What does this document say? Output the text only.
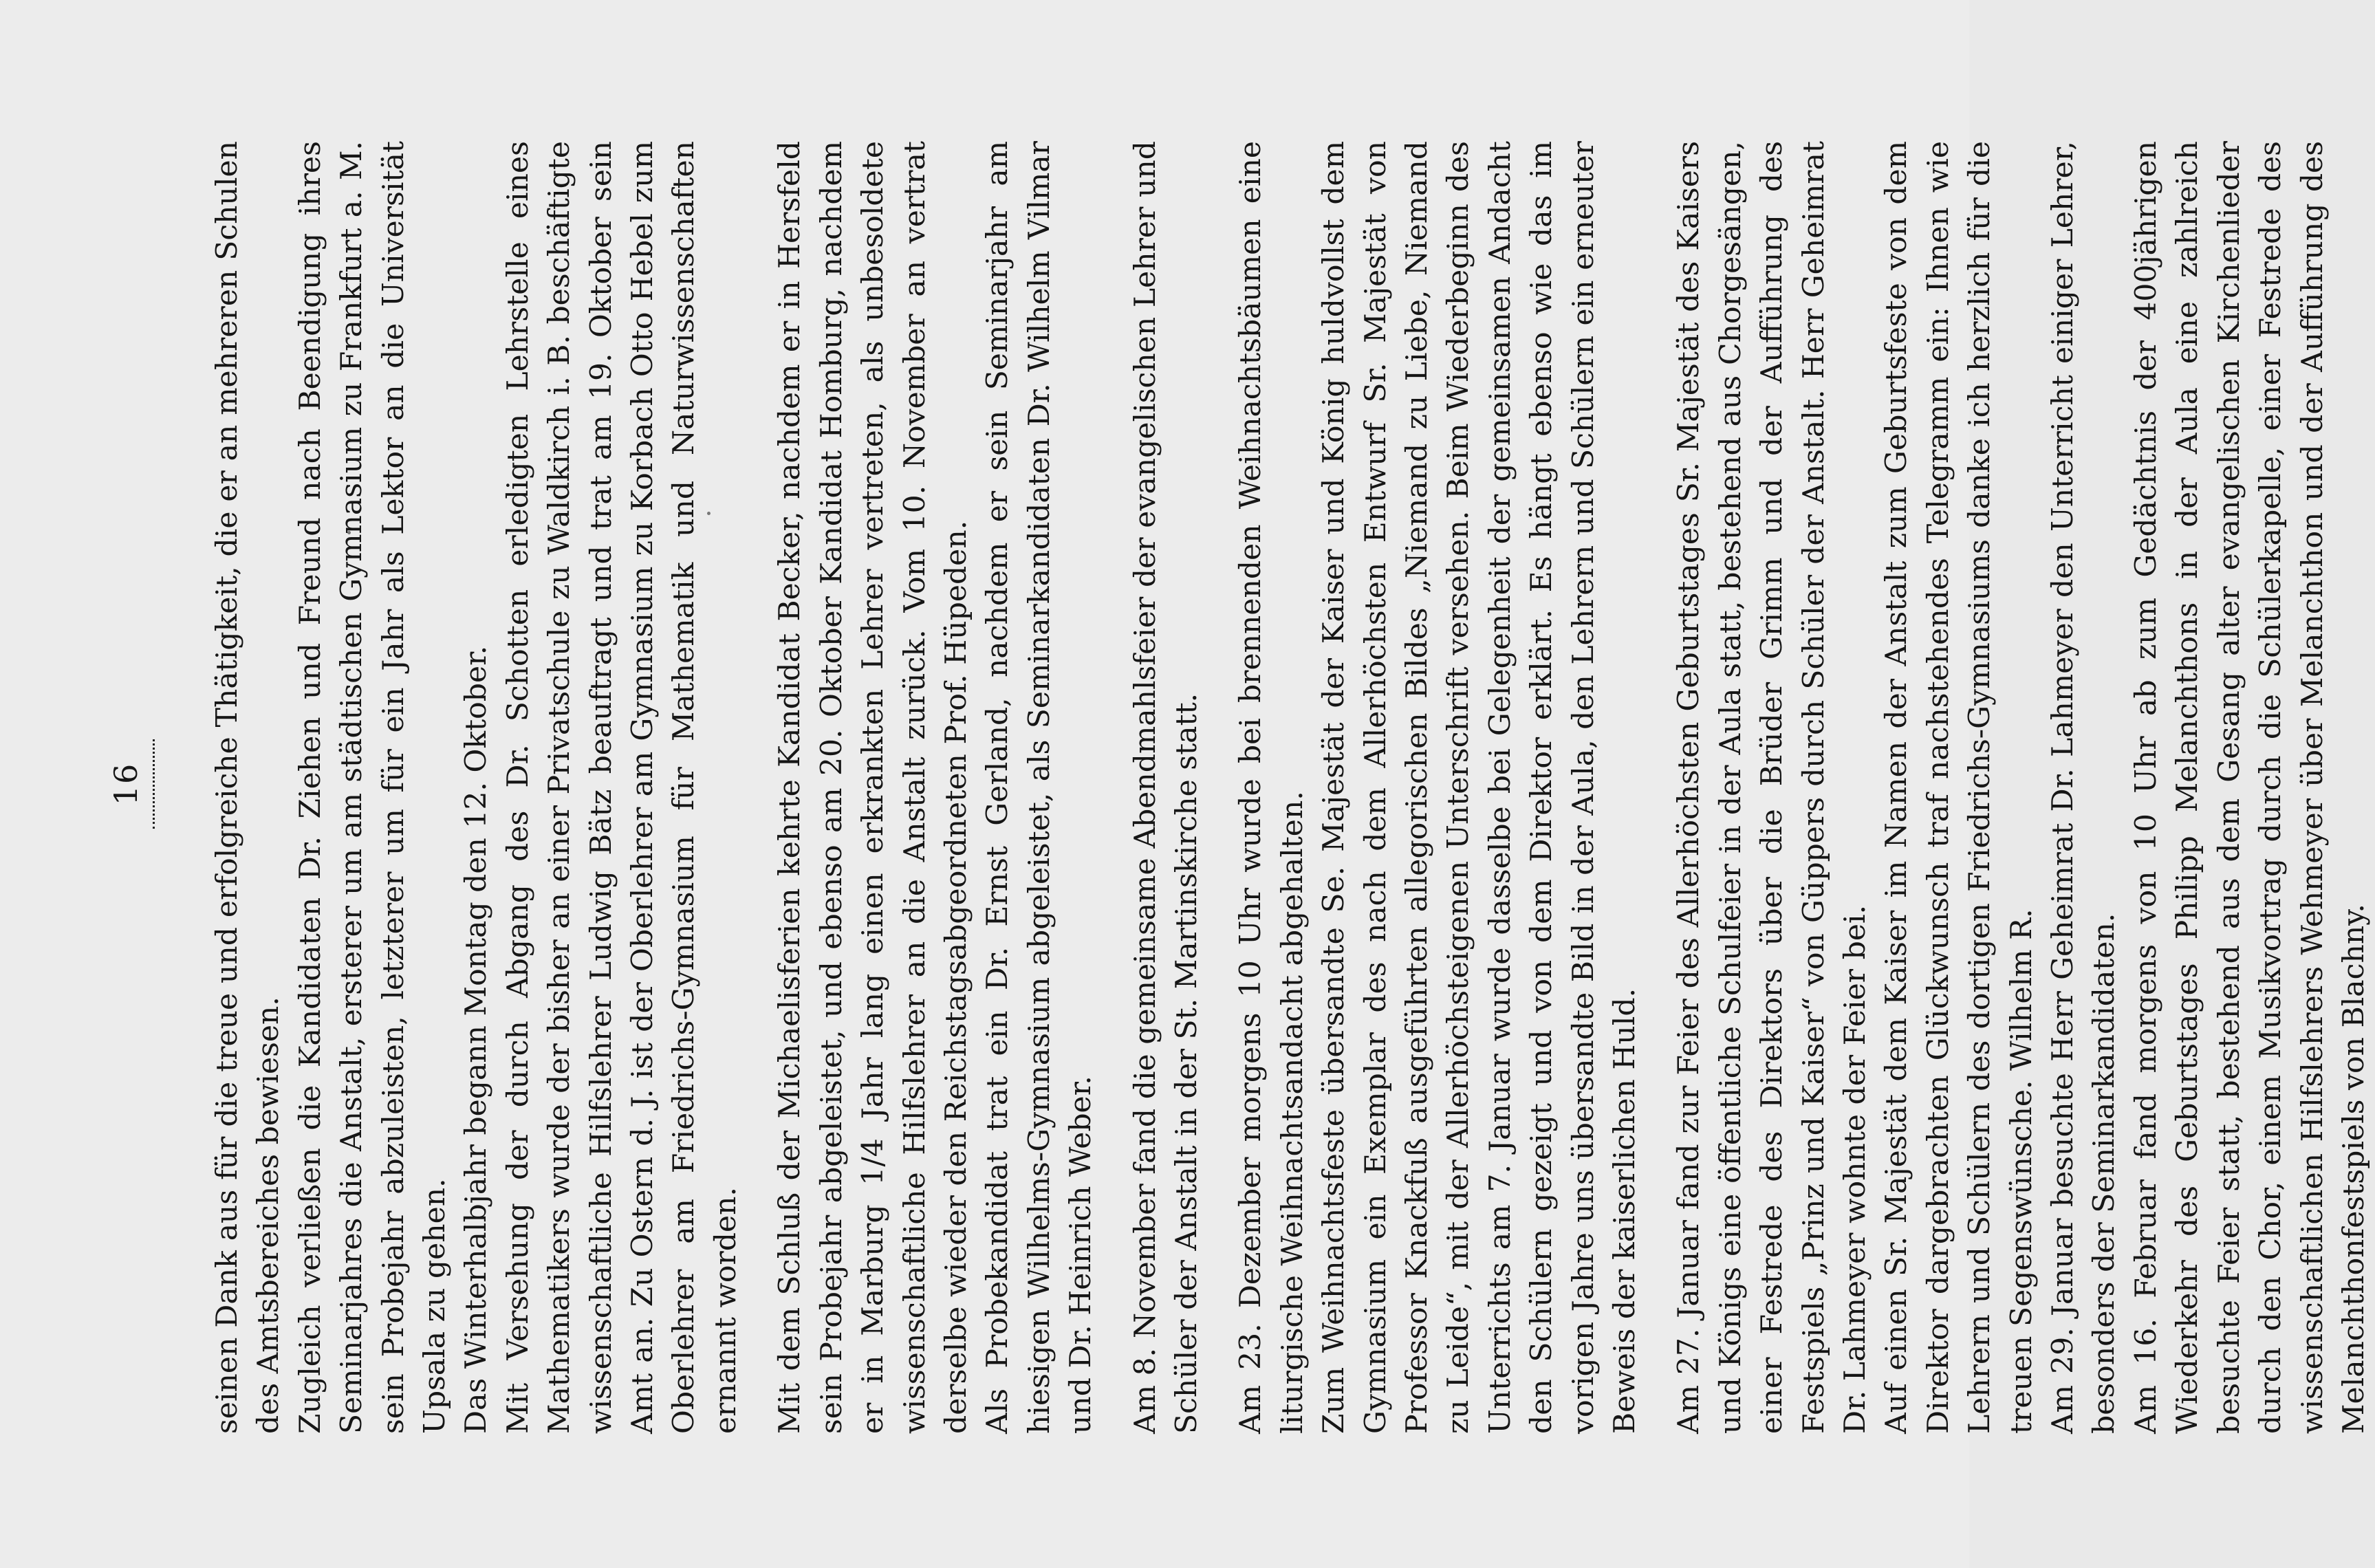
16 seinen Dank aus für die treue und erfolgreiche Thätigkeit, die er an mehreren Schulen des Amtsbereiches bewiesen. Zugleich verließen die Kandidaten Dr. Ziehen und Freund nach Beendigung ihres Seminarjahres die Anstalt, ersterer um am städtischen Gymnasium zu Frankfurt a. M. sein Probejahr abzuleisten, letzterer um für ein Jahr als Lektor an die Universität Upsala zu gehen. Das Winterhalbjahr begann Montag den 12. Oktober. Mit Versehung der durch Abgang des Dr. Schotten erledigten Lehrstelle eines Mathematikers wurde der bisher an einer Privatschule zu Waldkirch i. B. beschäftigte wissenschaftliche Hilfslehrer Ludwig Bätz beauftragt und trat am 19. Oktober sein Amt an. Zu Ostern d. J. ist der Oberlehrer am Gymnasium zu Korbach Otto Hebel zum Oberlehrer am Friedrichs-Gymnasium für Mathematik und Naturwissenschaften ernannt worden. Mit dem Schluß der Michaelisferien kehrte Kandidat Becker, nachdem er in Hersfeld sein Probejahr abgeleistet, und ebenso am 20. Oktober Kandidat Homburg, nachdem er in Marburg 1/4 Jahr lang einen erkrankten Lehrer vertreten, als unbesoldete wissenschaftliche Hilfslehrer an die Anstalt zurück. Vom 10. November an vertrat derselbe wieder den Reichstagsabgeordneten Prof. Hüpeden. Als Probekandidat trat ein Dr. Ernst Gerland, nachdem er sein Seminarjahr am hiesigen Wilhelms-Gymnasium abgeleistet, als Seminarkandidaten Dr. Wilhelm Vilmar und Dr. Heinrich Weber. Am 8. November fand die gemeinsame Abendmahlsfeier der evangelischen Lehrer und Schüler der Anstalt in der St. Martinskirche statt. Am 23. Dezember morgens 10 Uhr wurde bei brennenden Weihnachtsbäumen eine liturgische Weihnachtsandacht abgehalten. Zum Weihnachtsfeste übersandte Se. Majestät der Kaiser und König huldvollst dem Gymnasium ein Exemplar des nach dem Allerhöchsten Entwurf Sr. Majestät von Professor Knackfuß ausgeführten allegorischen Bildes „Niemand zu Liebe, Niemand zu Leide“, mit der Allerhöchsteigenen Unterschrift versehen. Beim Wiederbeginn des Unterrichts am 7. Januar wurde dasselbe bei Gelegenheit der gemeinsamen Andacht den Schülern gezeigt und von dem Direktor erklärt. Es hängt ebenso wie das im vorigen Jahre uns übersandte Bild in der Aula, den Lehrern und Schülern ein erneuter Beweis der kaiserlichen Huld. Am 27. Januar fand zur Feier des Allerhöchsten Geburtstages Sr. Majestät des Kaisers und Königs eine öffentliche Schulfeier in der Aula statt, bestehend aus Chorgesängen, einer Festrede des Direktors über die Brüder Grimm und der Aufführung des Festspiels „Prinz und Kaiser“ von Güppers durch Schüler der Anstalt. Herr Geheimrat Dr. Lahmeyer wohnte der Feier bei. Auf einen Sr. Majestät dem Kaiser im Namen der Anstalt zum Geburtsfeste von dem Direktor dargebrachten Glückwunsch traf nachstehendes Telegramm ein: Ihnen wie Lehrern und Schülern des dortigen Friedrichs-Gymnasiums danke ich herzlich für die treuen Segenswünsche. Wilhelm R. Am 29. Januar besuchte Herr Geheimrat Dr. Lahmeyer den Unterricht einiger Lehrer, besonders der Seminarkandidaten. Am 16. Februar fand morgens von 10 Uhr ab zum Gedächtnis der 400jährigen Wiederkehr des Geburtstages Philipp Melanchthons in der Aula eine zahlreich besuchte Feier statt, bestehend aus dem Gesang alter evangelischen Kirchenlieder durch den Chor, einem Musikvortrag durch die Schülerkapelle, einer Festrede des wissenschaftlichen Hilfslehrers Wehmeyer über Melanchthon und der Aufführung des Melanchthonfestspiels von Blachny.
